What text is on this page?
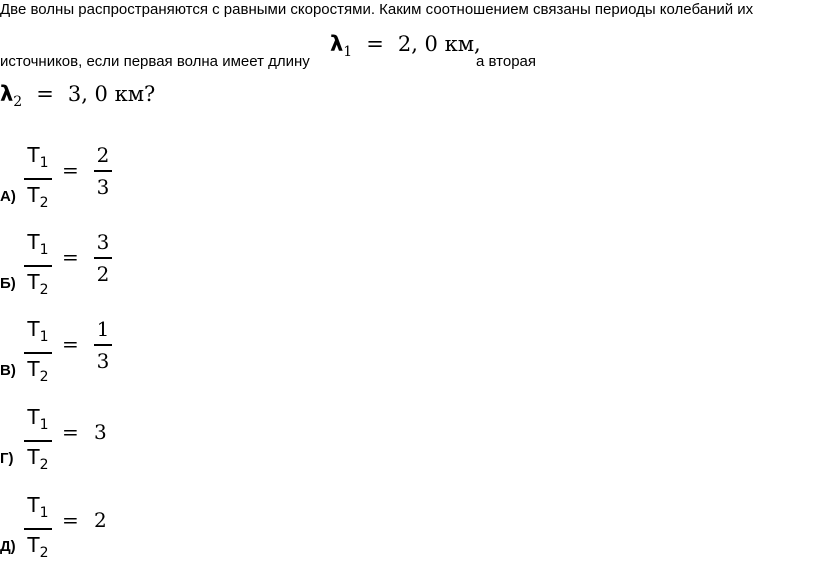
Две волны распространяются с равными скоростями. Каким соотношением связаны периоды колебаний их
источников, если первая волна имеет длину
$\lambda_1 = 2$, 0 км,
а вторая
$\lambda_2 = 3$, 0 км?
А)
$T_1$
$T_2$
=
2
3
Б)
$T_1$
$T_2$
=
3
2
В)
$T_1$
$T_2$
=
1
3
Г)
$T_1$
$T_2$
= 3
Д)
$T_1$
$T_2$
= 2
